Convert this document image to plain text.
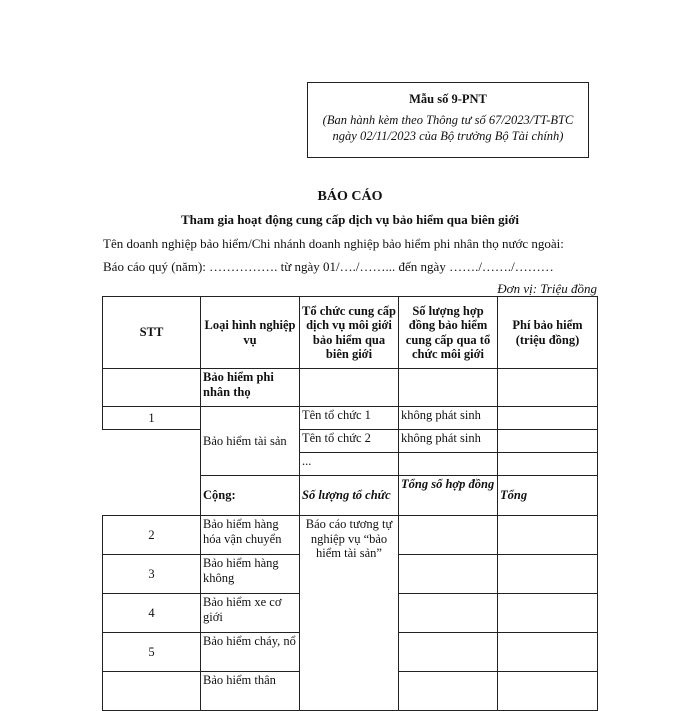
Mẫu số 9-PNT
(Ban hành kèm theo Thông tư số 67/2023/TT-BTC ngày 02/11/2023 của Bộ trưởng Bộ Tài chính)
BÁO CÁO
Tham gia hoạt động cung cấp dịch vụ bảo hiểm qua biên giới
Tên doanh nghiệp bảo hiểm/Chi nhánh doanh nghiệp bảo hiểm phi nhân thọ nước ngoài:
Báo cáo quý (năm): ……………. từ ngày 01/…./……... đến ngày ……./……./………
Đơn vị: Triệu đồng
STT	Loại hình nghiệp vụ	Tổ chức cung cấp dịch vụ môi giới bảo hiểm qua biên giới	Số lượng hợp đồng bảo hiểm cung cấp qua tổ chức môi giới	Phí bảo hiểm (triệu đồng)
	Bảo hiểm phi nhân thọ			
1	Bảo hiểm tài sản	Tên tổ chức 1	không phát sinh	
		Tên tổ chức 2	không phát sinh	
		...		
	Cộng:	Số lượng tổ chức	Tổng số hợp đồng	Tổng
2	Bảo hiểm hàng hóa vận chuyển	Báo cáo tương tự nghiệp vụ “bảo hiểm tài sản”		
3	Bảo hiểm hàng không			
4	Bảo hiểm xe cơ giới			
5	Bảo hiểm cháy, nổ			
	Bảo hiểm thân			
